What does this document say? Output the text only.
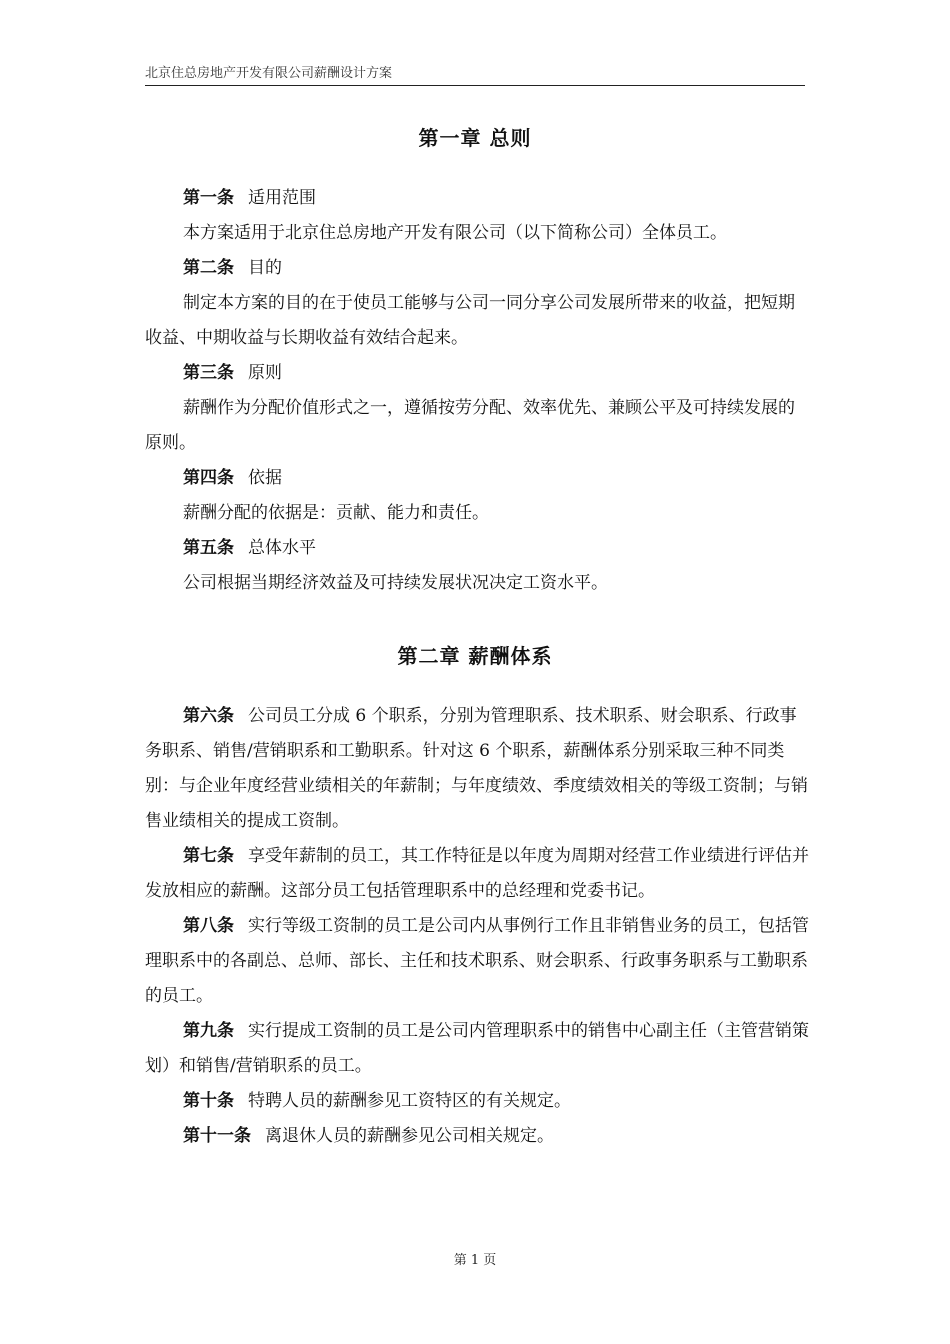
北京住总房地产开发有限公司薪酬设计方案
第一章 总则

第一条 适用范围

本方案适用于北京住总房地产开发有限公司（以下简称公司）全体员工。

第二条 目的

制定本方案的目的在于使员工能够与公司一同分享公司发展所带来的收益，把短期收益、中期收益与长期收益有效结合起来。

第三条 原则

薪酬作为分配价值形式之一，遵循按劳分配、效率优先、兼顾公平及可持续发展的原则。

第四条 依据

薪酬分配的依据是：贡献、能力和责任。

第五条 总体水平

公司根据当期经济效益及可持续发展状况决定工资水平。

第二章 薪酬体系

第六条 公司员工分成 6 个职系，分别为管理职系、技术职系、财会职系、行政事务职系、销售/营销职系和工勤职系。针对这 6 个职系，薪酬体系分别采取三种不同类别：与企业年度经营业绩相关的年薪制；与年度绩效、季度绩效相关的等级工资制；与销售业绩相关的提成工资制。

第七条 享受年薪制的员工，其工作特征是以年度为周期对经营工作业绩进行评估并发放相应的薪酬。这部分员工包括管理职系中的总经理和党委书记。

第八条 实行等级工资制的员工是公司内从事例行工作且非销售业务的员工，包括管理职系中的各副总、总师、部长、主任和技术职系、财会职系、行政事务职系与工勤职系的员工。

第九条 实行提成工资制的员工是公司内管理职系中的销售中心副主任（主管营销策划）和销售/营销职系的员工。

第十条 特聘人员的薪酬参见工资特区的有关规定。

第十一条 离退休人员的薪酬参见公司相关规定。

第 1 页
